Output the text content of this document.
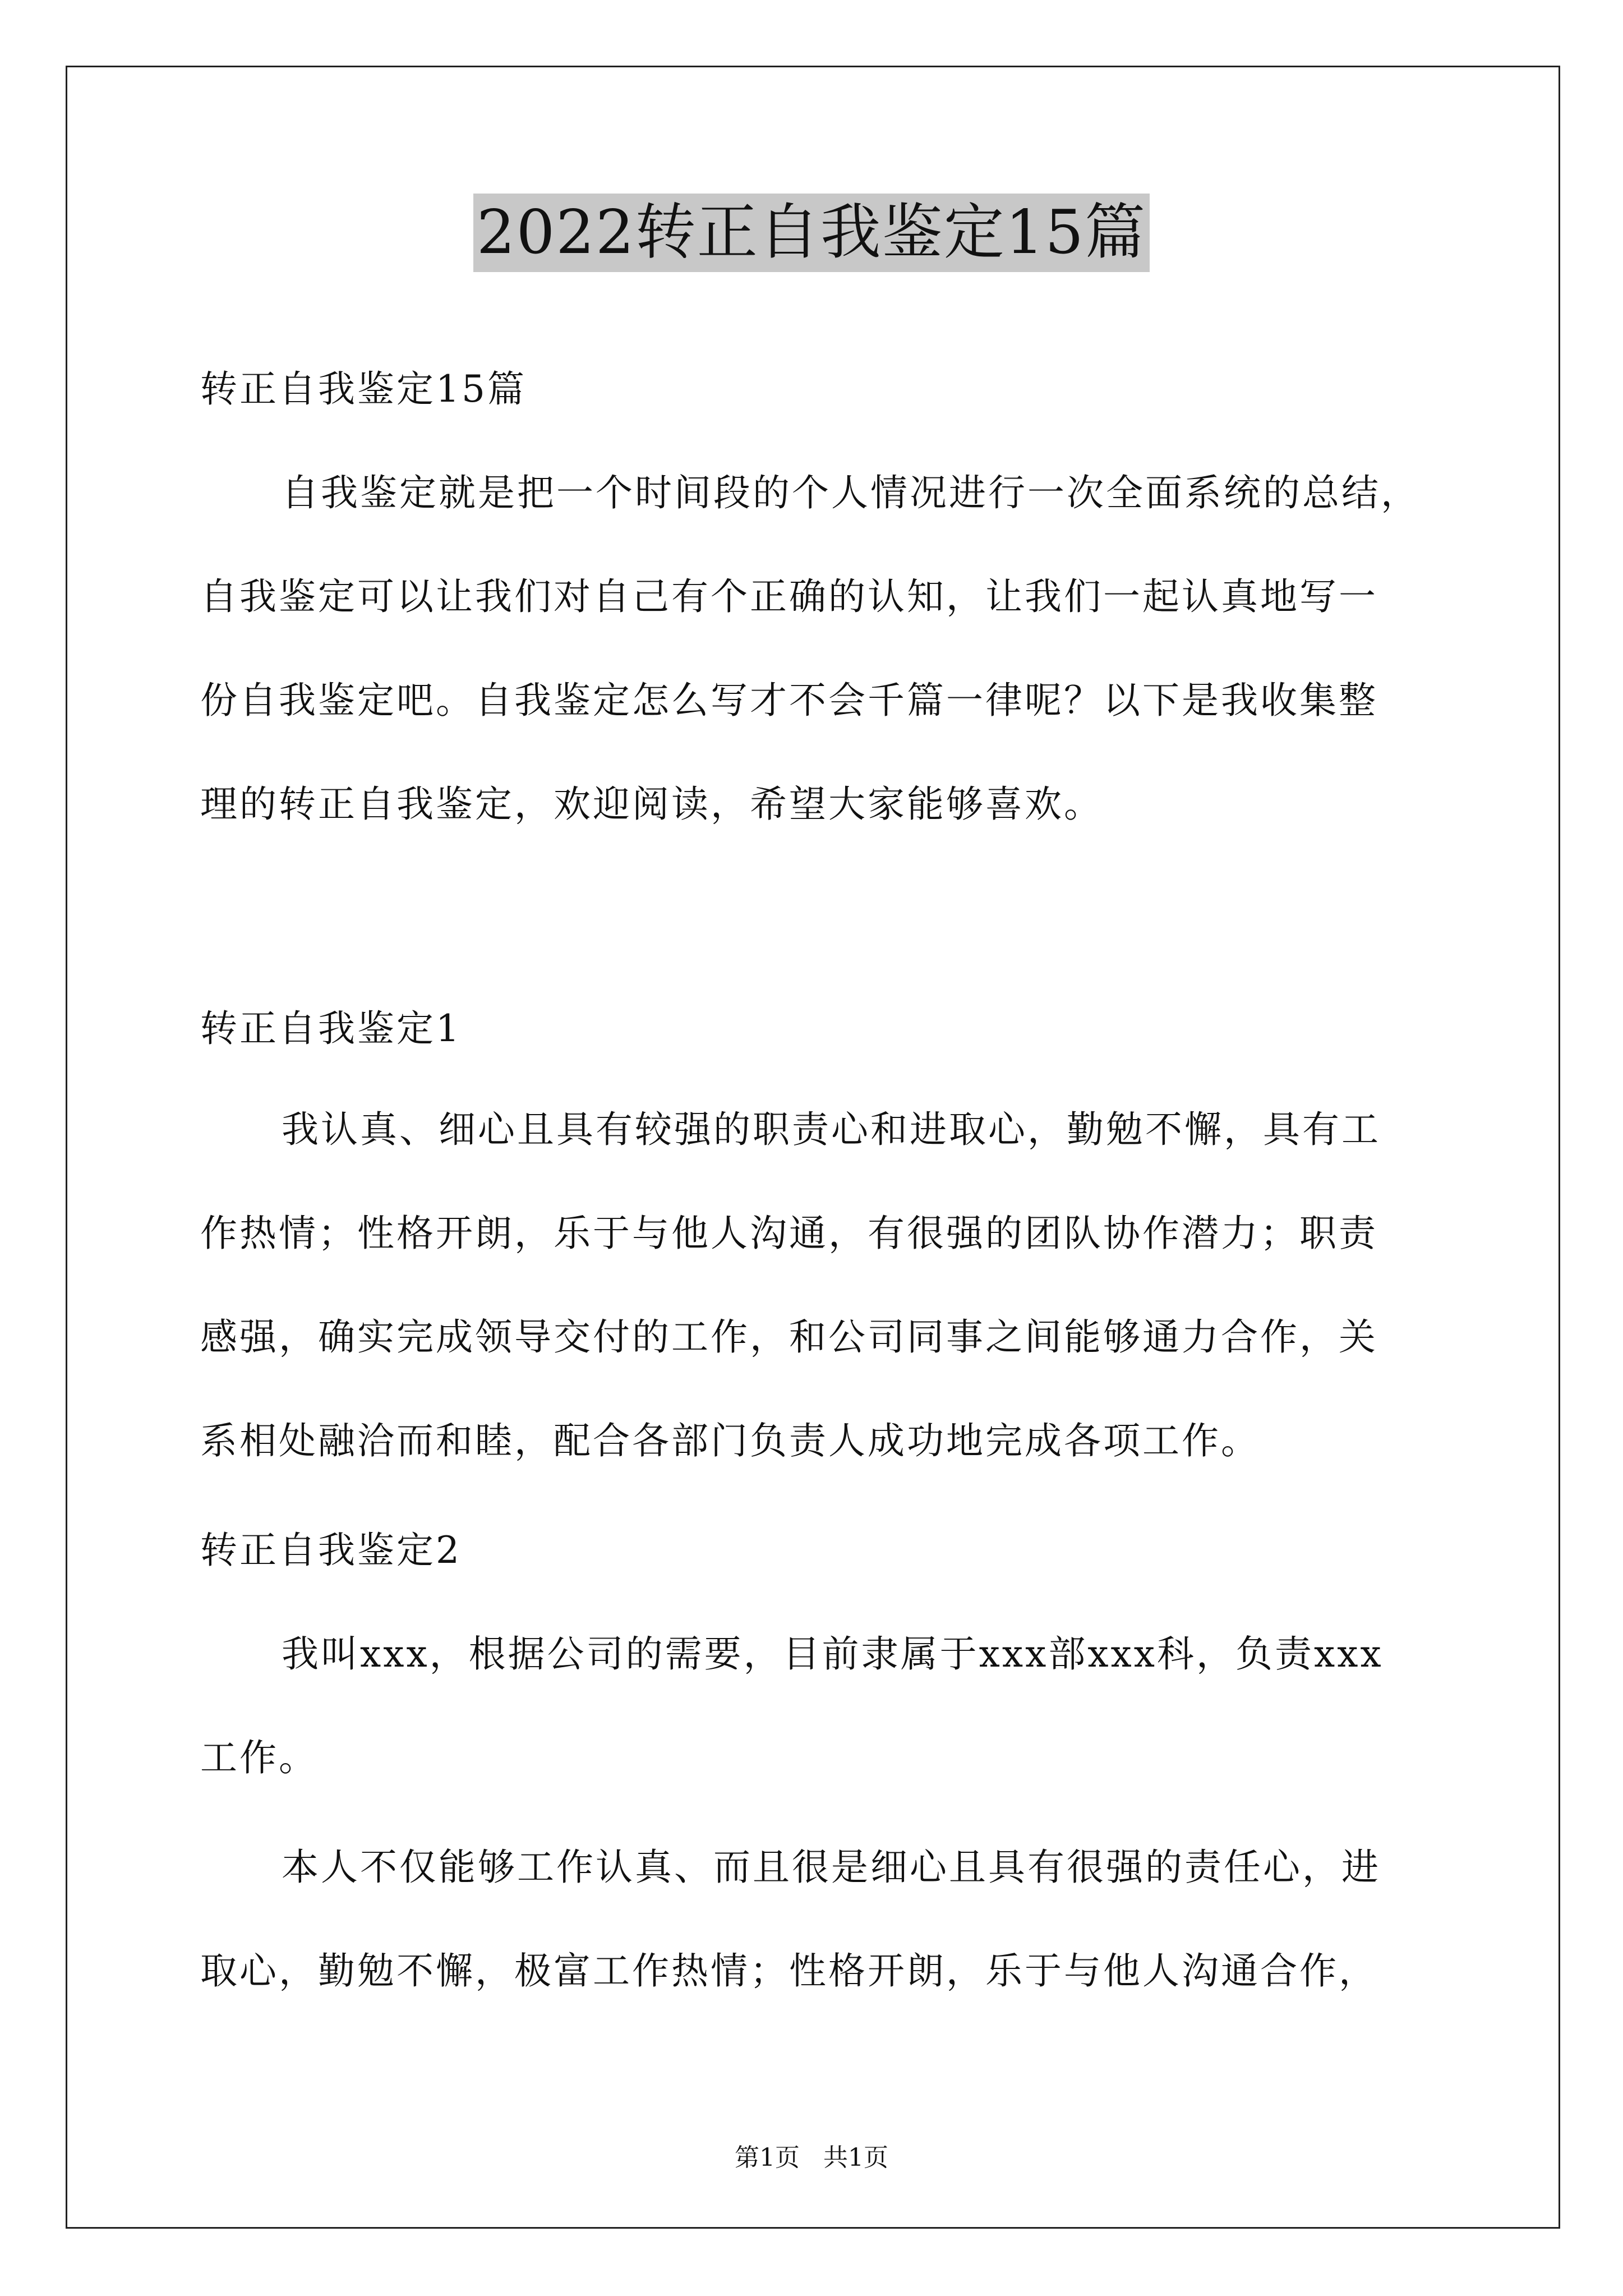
2022转正自我鉴定15篇
转正自我鉴定15篇
自我鉴定就是把一个时间段的个人情况进行一次全面系统的总结，
自我鉴定可以让我们对自己有个正确的认知，让我们一起认真地写一
份自我鉴定吧。自我鉴定怎么写才不会千篇一律呢？以下是我收集整
理的转正自我鉴定，欢迎阅读，希望大家能够喜欢。
转正自我鉴定1
我认真、细心且具有较强的职责心和进取心，勤勉不懈，具有工
作热情；性格开朗，乐于与他人沟通，有很强的团队协作潜力；职责
感强，确实完成领导交付的工作，和公司同事之间能够通力合作，关
系相处融洽而和睦，配合各部门负责人成功地完成各项工作。
转正自我鉴定2
我叫xxx，根据公司的需要，目前隶属于xxx部xxx科，负责xxx
工作。
本人不仅能够工作认真、而且很是细心且具有很强的责任心，进
取心，勤勉不懈，极富工作热情；性格开朗，乐于与他人沟通合作，
第1页   共1页
